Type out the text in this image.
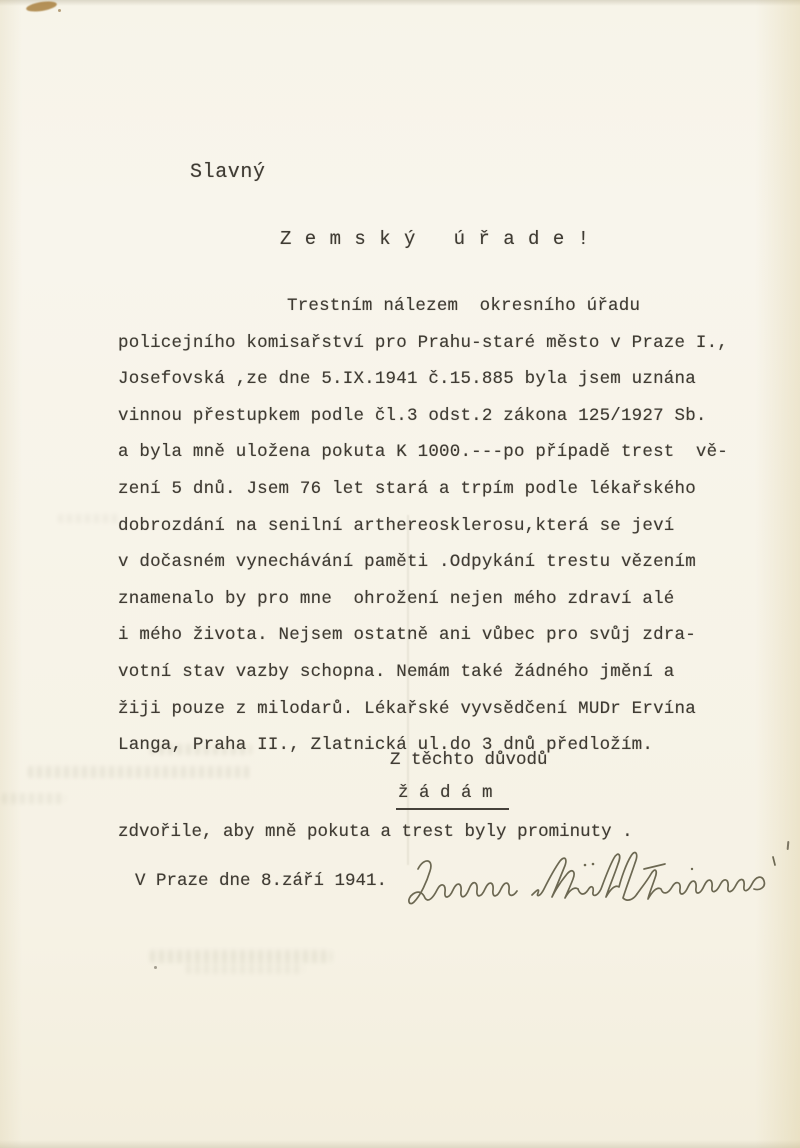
Slavný
Z e m s k ý   ú ř a d e !
Trestním nálezem  okresního úřadu
policejního komisařství pro Prahu-staré město v Praze I.,
Josefovská ,ze dne 5.IX.1941 č.15.885 byla jsem uznána
vinnou přestupkem podle čl.3 odst.2 zákona 125/1927 Sb.
a byla mně uložena pokuta K 1000.---po případě trest  vě-
zení 5 dnů. Jsem 76 let stará a trpím podle lékařského
dobrozdání na senilní arthereosklerosu,která se jeví
v dočasném vynechávání paměti .Odpykání trestu vězením
znamenalo by pro mne  ohrožení nejen mého zdraví alé
i mého života. Nejsem ostatně ani vůbec pro svůj zdra-
votní stav vazby schopna. Nemám také žádného jmění a
žiji pouze z milodarů. Lékařské vyvsědčení MUDr Ervína
Langa, Praha II., Zlatnická ul.do 3 dnů předložím.
Z těchto důvodů
ž á d á m
zdvořile, aby mně pokuta a trest byly prominuty .
V Praze dne 8.září 1941.
